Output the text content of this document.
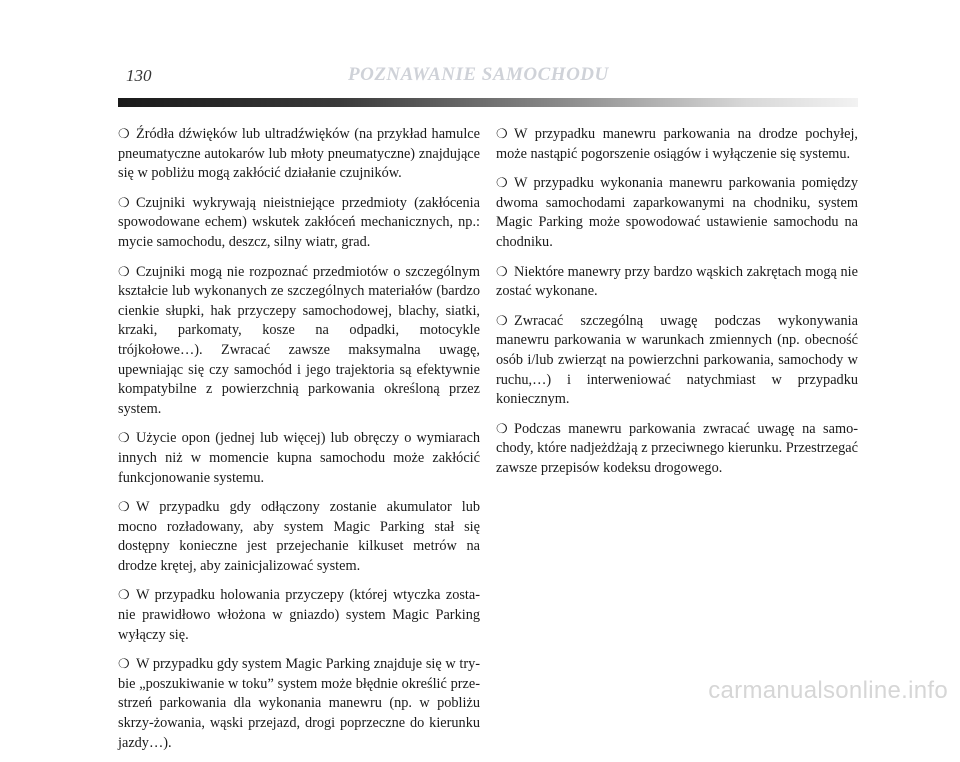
130	POZNAWANIE SAMOCHODU

❍ Źródła dźwięków lub ultradźwięków (na przykład hamulce pneumatyczne autokarów lub młoty pneumatyczne) znajdujące się w pobliżu mogą zakłócić działanie czujników.

❍ Czujniki wykrywają nieistniejące przedmioty (zakłócenia spowodowane echem) wskutek zakłóceń mechanicznych, np.: mycie samochodu, deszcz, silny wiatr, grad.

❍ Czujniki mogą nie rozpoznać przedmiotów o szczególnym kształcie lub wykonanych ze szczególnych materiałów (bardzo cienkie słupki, hak przyczepy samochodowej, blachy, siatki, krzaki, parkomaty, kosze na odpadki, motocykle trójkołowe…). Zwracać zawsze maksymalna uwagę, upewniając się czy samochód i jego trajektoria są efektywnie kompatybilne z powierzchnią parkowania określoną przez system.

❍ Użycie opon (jednej lub więcej) lub obręczy o wymiarach innych niż w momencie kupna samochodu może zakłócić funkcjonowanie systemu.

❍ W przypadku gdy odłączony zostanie akumulator lub mocno rozładowany, aby system Magic Parking stał się dostępny konieczne jest przejechanie kilkuset metrów na drodze krętej, aby zainicjalizować system.

❍ W przypadku holowania przyczepy (której wtyczka zosta-nie prawidłowo włożona w gniazdo) system Magic Parking wyłączy się.

❍ W przypadku gdy system Magic Parking znajduje się w try-bie „poszukiwanie w toku” system może błędnie określić prze-strzeń parkowania dla wykonania manewru (np. w pobliżu skrzy-żowania, wąski przejazd, drogi poprzeczne do kierunku jazdy…).

❍ W przypadku manewru parkowania na drodze pochyłej, może nastąpić pogorszenie osiągów i wyłączenie się systemu.

❍ W przypadku wykonania manewru parkowania pomiędzy dwoma samochodami zaparkowanymi na chodniku, system Magic Parking może spowodować ustawienie samochodu na chodniku.

❍ Niektóre manewry przy bardzo wąskich zakrętach mogą nie zostać wykonane.

❍ Zwracać szczególną uwagę podczas wykonywania manewru parkowania w warunkach zmiennych (np. obecność osób i/lub zwierząt na powierzchni parkowania, samochody w ruchu,…) i interweniować natychmiast w przypadku koniecznym.

❍ Podczas manewru parkowania zwracać uwagę na samo-chody, które nadjeżdżają z przeciwnego kierunku. Przestrzegać zawsze przepisów kodeksu drogowego.

carmanualsonline.info
